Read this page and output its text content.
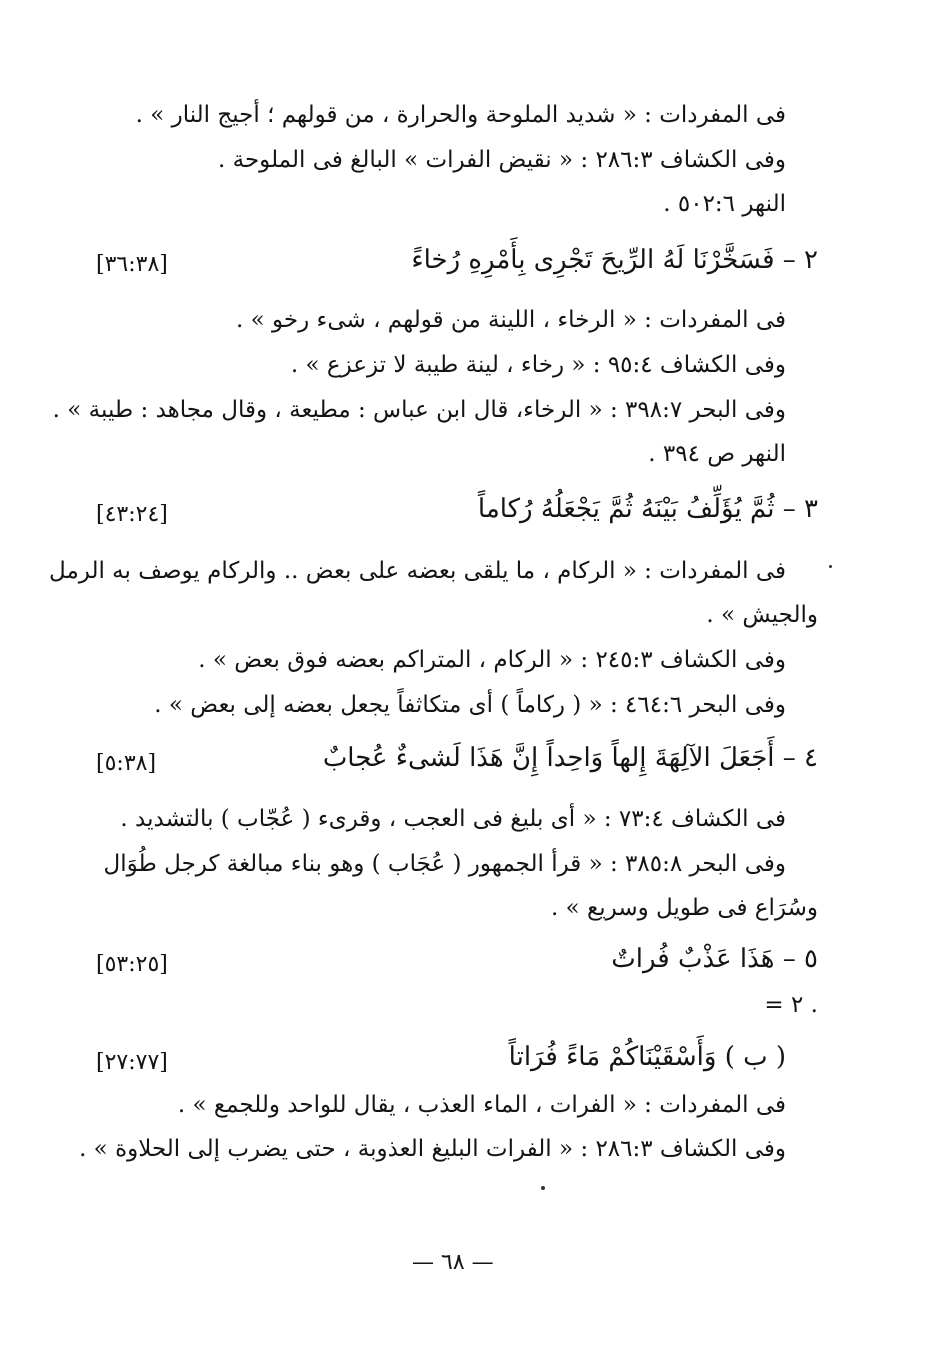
فى المفردات : « شديد الملوحة والحرارة ، من قولهم ؛ أجيج النار » .
وفى الكشاف ٢٨٦:٣ : « نقيض الفرات » البالغ فى الملوحة .
النهر ٥٠٢:٦ .
٢ – فَسَخَّرْنَا لَهُ الرِّيحَ تَجْرِى بِأَمْرِهِ رُخاءً
[٣٦:٣٨]
فى المفردات : « الرخاء ، اللينة من قولهم ، شىء رخو » .
وفى الكشاف ٩٥:٤ : « رخاء ، لينة طيبة لا تزعزع » .
وفى البحر ٣٩٨:٧ : « الرخاء، قال ابن عباس : مطيعة ، وقال مجاهد : طيبة » .
النهر ص ٣٩٤ .
٣ – ثُمَّ يُؤَلِّفُ بَيْنَهُ ثُمَّ يَجْعَلُهُ رُكاماً
[٤٣:٢٤]
فى المفردات : « الركام ، ما يلقى بعضه على بعض .. والركام يوصف به الرمل
والجيش » .
وفى الكشاف ٢٤٥:٣ : « الركام ، المتراكم بعضه فوق بعض » .
وفى البحر ٤٦٤:٦ : « ( ركاماً ) أى متكاثفاً يجعل بعضه إلى بعض » .
٤ – أَجَعَلَ الآلِهَةَ إِلهاً وَاحِداً إِنَّ هَذَا لَشىءٌ عُجابٌ
[٥:٣٨]
فى الكشاف ٧٣:٤ : « أى بليغ فى العجب ، وقرىء ( عُجّاب ) بالتشديد .
وفى البحر ٣٨٥:٨ : « قرأ الجمهور ( عُجَاب ) وهو بناء مبالغة كرجل طُوَال
وسُرَاع فى طويل وسريع » .
٥ – هَذَا عَذْبٌ فُراتٌ
[٥٣:٢٥]
= ٢ .
( ب ) وَأَسْقَيْنَاكُمْ مَاءً فُرَاتاً
[٢٧:٧٧]
فى المفردات : « الفرات ، الماء العذب ، يقال للواحد وللجمع » .
وفى الكشاف ٢٨٦:٣ : « الفرات البليغ العذوبة ، حتى يضرب إلى الحلاوة » .
— ٦٨ —
